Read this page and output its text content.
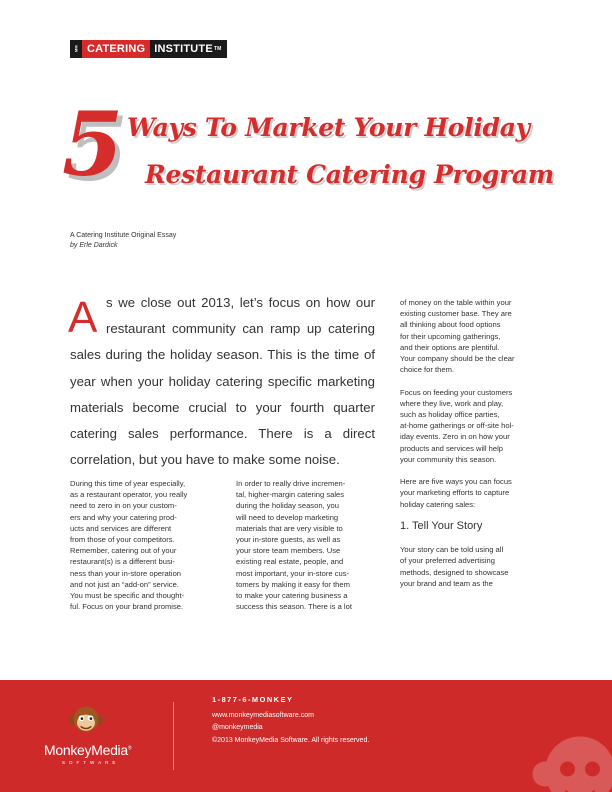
MM CATERING INSTITUTE TM
5 Ways To Market Your Holiday
Restaurant Catering Program
A Catering Institute Original Essay
by Erle Dardick
A s we close out 2013, let’s focus on how our
restaurant community can ramp up catering
sales during the holiday season. This is the time of
year when your holiday catering specific marketing
materials become crucial to your fourth quarter
catering sales performance. There is a direct
correlation, but you have to make some noise.
During this time of year especially,
as a restaurant operator, you really
need to zero in on your custom-
ers and why your catering prod-
ucts and services are different
from those of your competitors.
Remember, catering out of your
restaurant(s) is a different busi-
ness than your in-store operation
and not just an “add-on” service.
You must be specific and thought-
ful. Focus on your brand promise.
In order to really drive incremen-
tal, higher-margin catering sales
during the holiday season, you
will need to develop marketing
materials that are very visible to
your in-store guests, as well as
your store team members. Use
existing real estate, people, and
most important, your in-store cus-
tomers by making it easy for them
to make your catering business a
success this season. There is a lot

of money on the table within your
existing customer base. They are
all thinking about food options
for their upcoming gatherings,
and their options are plentiful.
Your company should be the clear
choice for them.

Focus on feeding your customers
where they live, work and play,
such as holiday office parties,
at-home gatherings or off-site hol-
iday events. Zero in on how your
products and services will help
your community this season.

Here are five ways you can focus
your marketing efforts to capture
holiday catering sales:

1. Tell Your Story

Your story can be told using all
of your preferred advertising
methods, designed to showcase
your brand and team as the

MonkeyMedia®
SOFTWARE
1-877-6-MONKEY
www.monkeymediasoftware.com
@monkeymedia
©2013 MonkeyMedia Software. All rights reserved.
